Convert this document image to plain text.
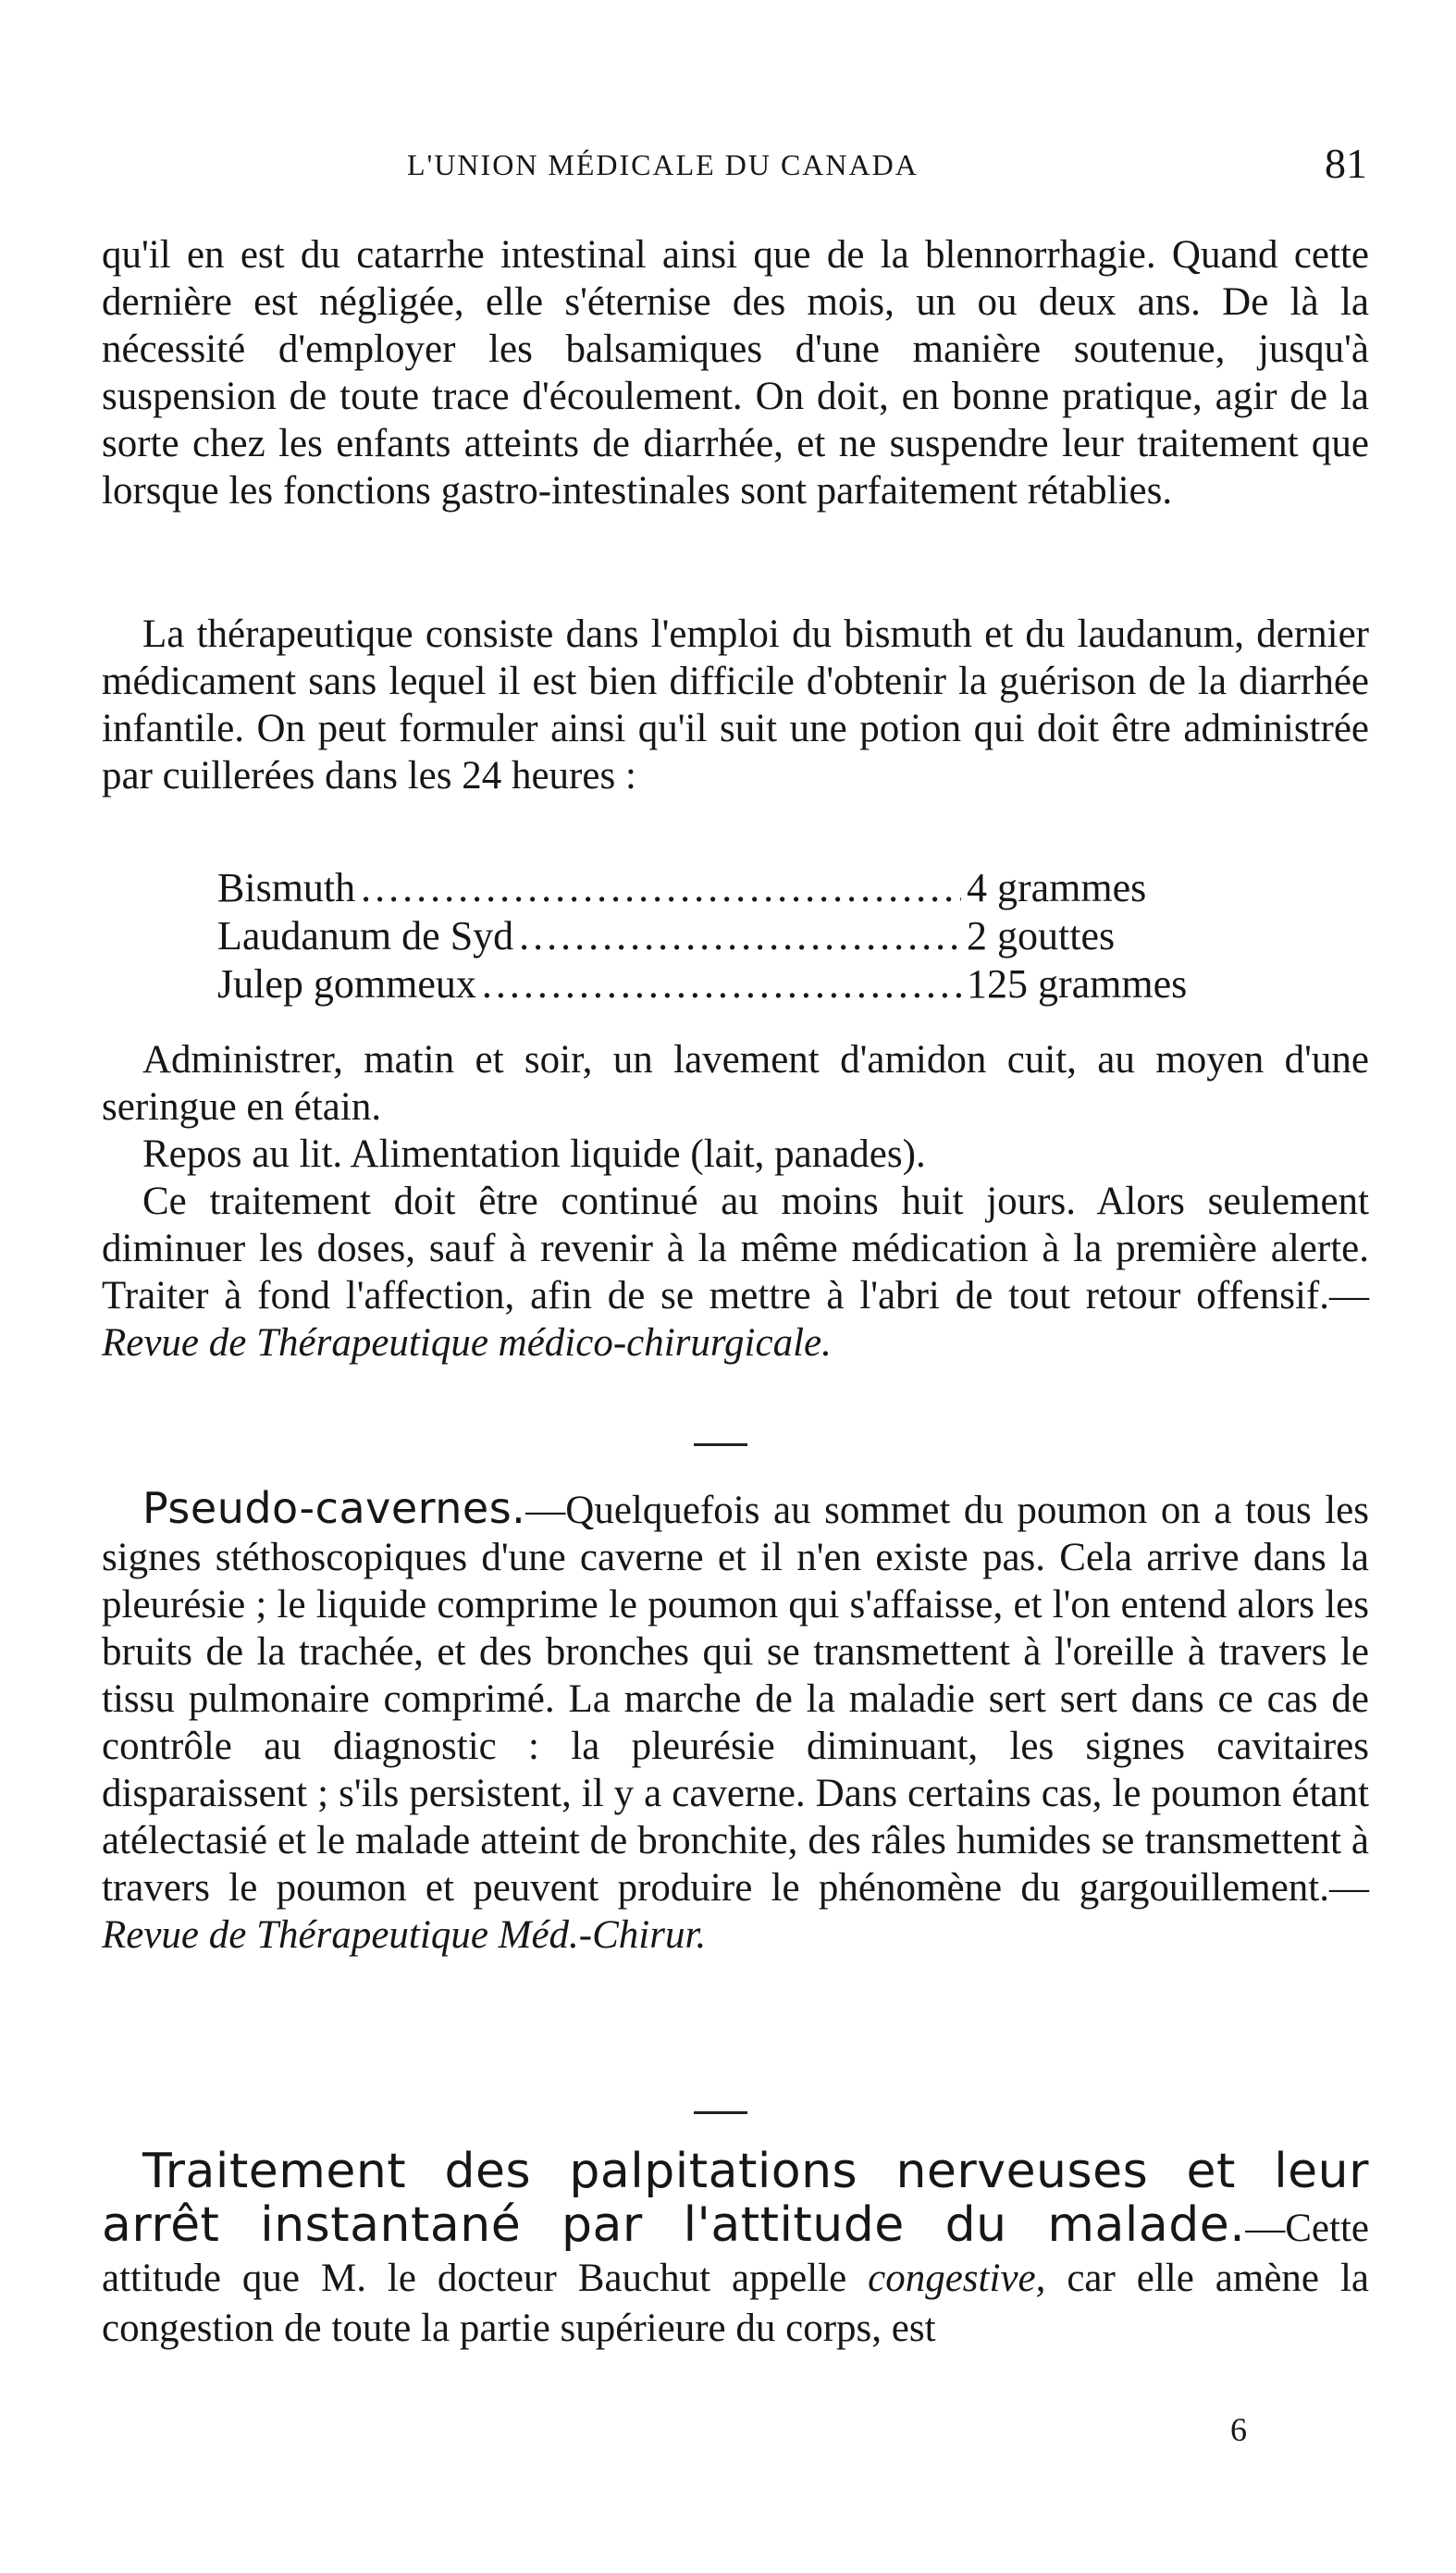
L'UNION MÉDICALE DU CANADA	81

qu'il en est du catarrhe intestinal ainsi que de la blennorrhagie. Quand cette dernière est négligée, elle s'éternise des mois, un ou deux ans. De là la nécessité d'employer les balsamiques d'une manière soutenue, jusqu'à suspension de toute trace d'écoulement. On doit, en bonne pratique, agir de la sorte chez les enfants atteints de diarrhée, et ne suspendre leur traitement que lorsque les fonctions gastro-intestinales sont parfaitement rétablies.

La thérapeutique consiste dans l'emploi du bismuth et du laudanum, dernier médicament sans lequel il est bien difficile d'obtenir la guérison de la diarrhée infantile. On peut formuler ainsi qu'il suit une potion qui doit être administrée par cuillerées dans les 24 heures :

Bismuth .....	4 grammes
Laudanum de Syd .....	2 gouttes
Julep gommeux .....	125 grammes

Administrer, matin et soir, un lavement d'amidon cuit, au moyen d'une seringue en étain.

Repos au lit. Alimentation liquide (lait, panades).

Ce traitement doit être continué au moins huit jours. Alors seulement diminuer les doses, sauf à revenir à la même médication à la première alerte. Traiter à fond l'affection, afin de se mettre à l'abri de tout retour offensif.—Revue de Thérapeutique médico-chirurgicale.

Pseudo-cavernes.—Quelquefois au sommet du poumon on a tous les signes stéthoscopiques d'une caverne et il n'en existe pas. Cela arrive dans la pleurésie ; le liquide comprime le poumon qui s'affaisse, et l'on entend alors les bruits de la trachée, et des bronches qui se transmettent à l'oreille à travers le tissu pulmonaire comprimé. La marche de la maladie sert sert dans ce cas de contrôle au diagnostic : la pleurésie diminuant, les signes cavitaires disparaissent ; s'ils persistent, il y a caverne. Dans certains cas, le poumon étant atélectasié et le malade atteint de bronchite, des râles humides se transmettent à travers le poumon et peuvent produire le phénomène du gargouillement.—Revue de Thérapeutique Méd.-Chirur.

Traitement des palpitations nerveuses et leur arrêt instantané par l'attitude du malade.—Cette attitude que M. le docteur Bauchut appelle congestive, car elle amène la congestion de toute la partie supérieure du corps, est

6
